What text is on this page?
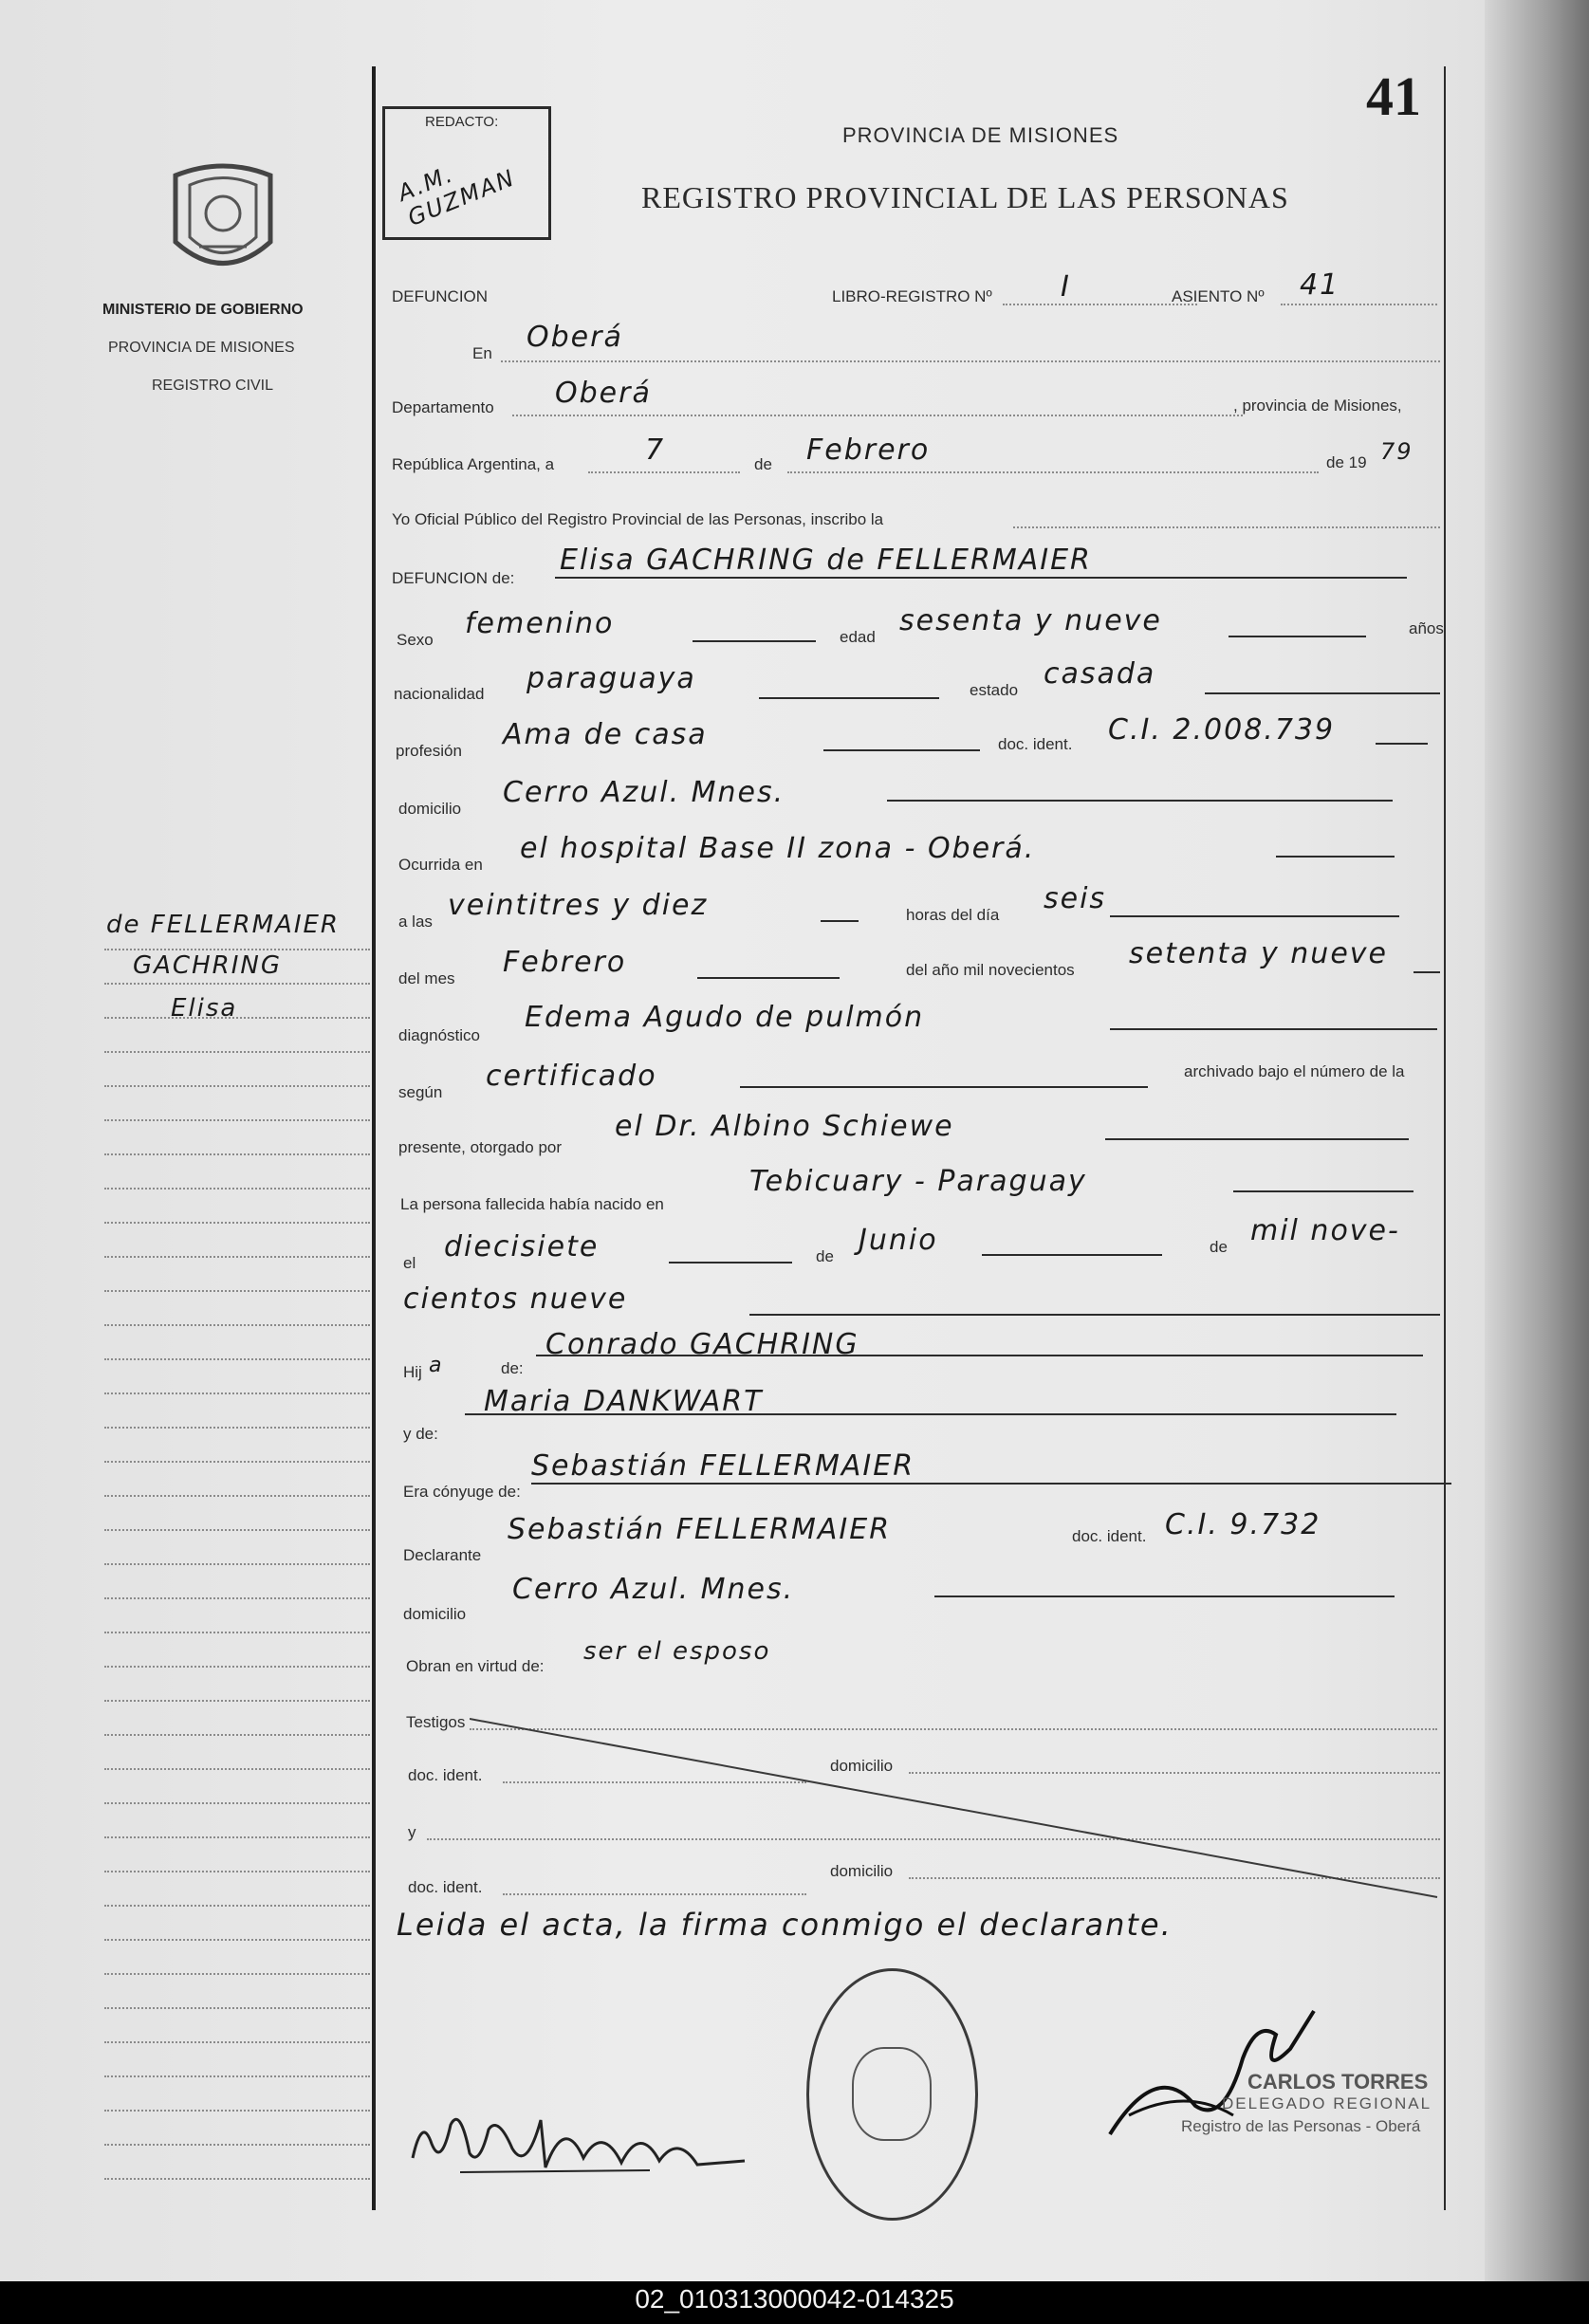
41
REDACTO:
A.M. GUZMAN
PROVINCIA DE MISIONES
REGISTRO PROVINCIAL DE LAS PERSONAS
MINISTERIO DE GOBIERNO
PROVINCIA DE MISIONES
REGISTRO CIVIL
de FELLERMAIER
GACHRING
Elisa
DEFUNCION	LIBRO-REGISTRO Nº I	ASIENTO Nº 41
En Oberá
Departamento Oberá	, provincia de Misiones,
República Argentina, a	7	de Febrero	de 19 79
Yo Oficial Público del Registro Provincial de las Personas, inscribo la
DEFUNCION de:
Elisa GACHRING de FELLERMAIER
Sexo femenino	edad sesenta y nueve	años
nacionalidad paraguaya	estado casada
profesión Ama de casa	doc. ident. C.I. 2.008.739
domicilio Cerro Azul. Mnes.
Ocurrida en el hospital Base II zona - Oberá.
a las veintitres y diez	horas del día seis
del mes Febrero	del año mil novecientos setenta y nueve
diagnóstico
Edema Agudo de pulmón
según certificado	archivado bajo el número de la
presente, otorgado por
el Dr. Albino Schiewe
La persona fallecida había nacido en
Tebicuary - Paraguay
el diecisiete	de Junio	de mil nove-
cientos nueve
Hij a	de:
Conrado GACHRING
y de:
Maria DANKWART
Era cónyuge de:
Sebastián FELLERMAIER
Declarante
Sebastián FELLERMAIER	doc. ident. C.I. 9.732
domicilio
Cerro Azul. Mnes.
Obran en virtud de:
ser el esposo
Testigos
doc. ident.
domicilio
y
doc. ident.
domicilio
Leida el acta, la firma conmigo el declarante.
CARLOS TORRES
DELEGADO REGIONAL
Registro de las Personas - Oberá
02_010313000042-014325
